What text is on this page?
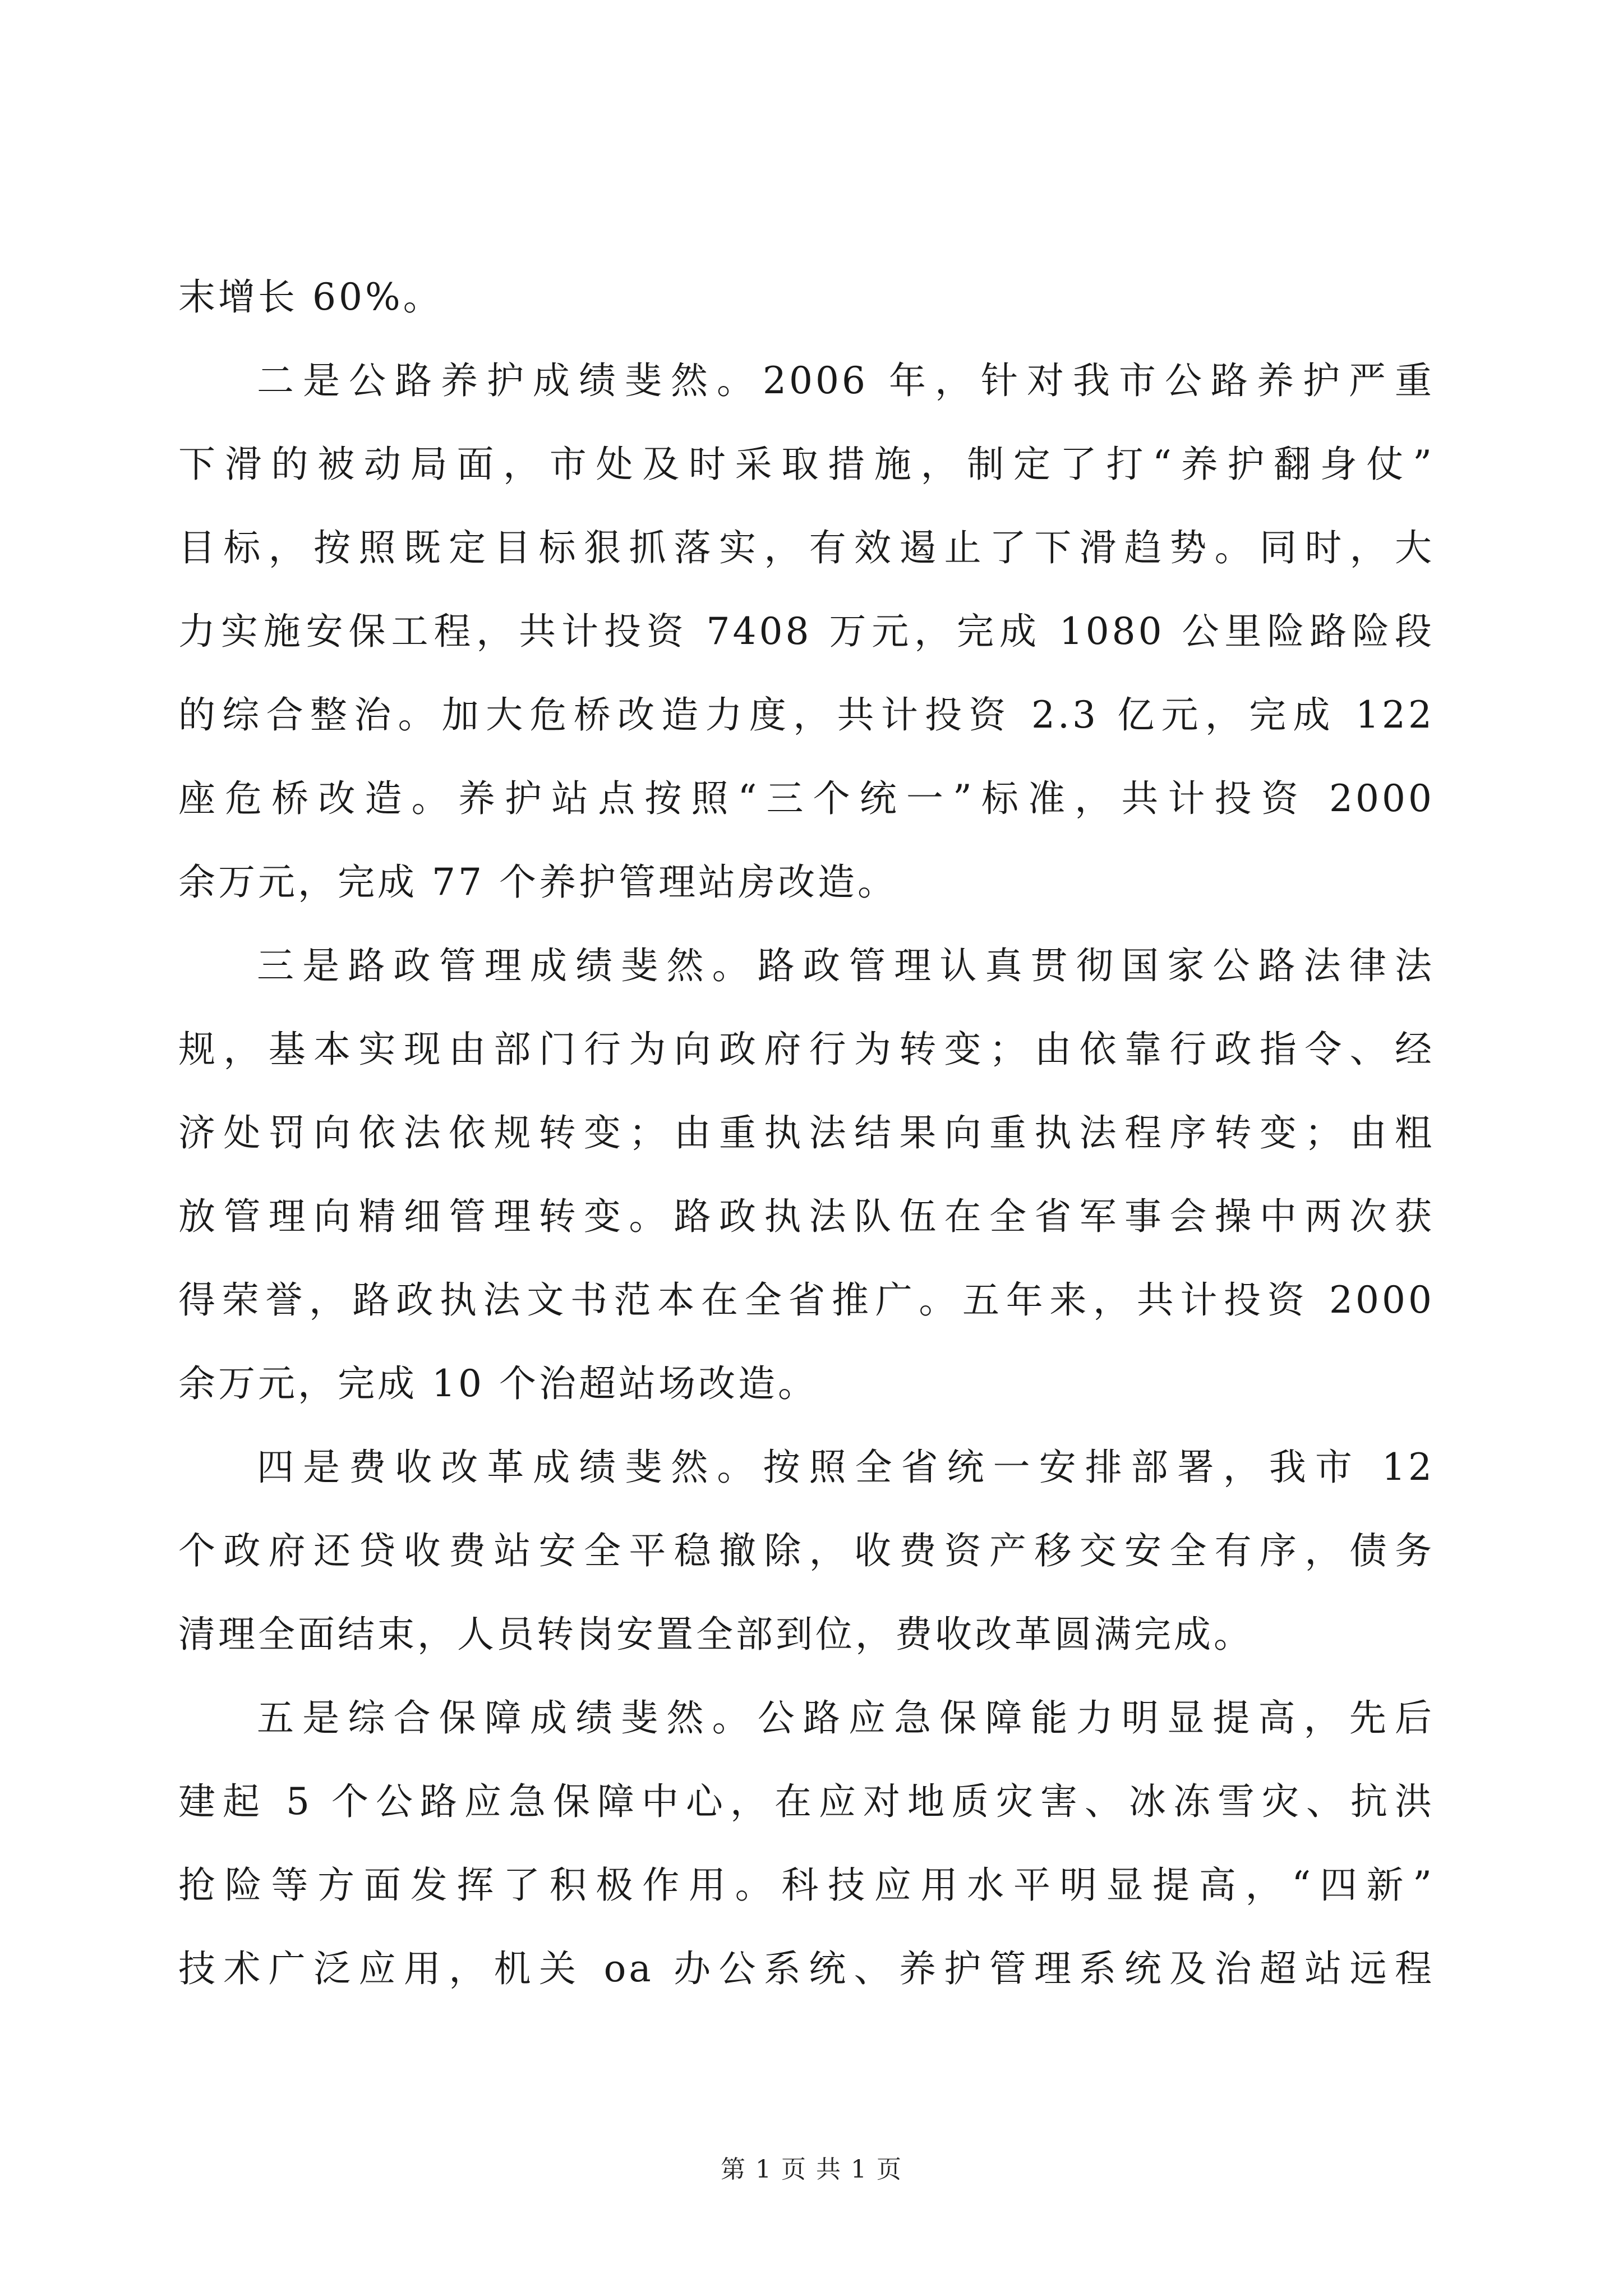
末增长 60%。
二是公路养护成绩斐然。2006 年，针对我市公路养护严重
下滑的被动局面，市处及时采取措施，制定了打“养护翻身仗”
目标，按照既定目标狠抓落实，有效遏止了下滑趋势。同时，大
力实施安保工程，共计投资 7408 万元，完成 1080 公里险路险段
的综合整治。加大危桥改造力度，共计投资 2.3 亿元，完成 122
座危桥改造。养护站点按照“三个统一”标准，共计投资 2000
余万元，完成 77 个养护管理站房改造。
三是路政管理成绩斐然。路政管理认真贯彻国家公路法律法
规，基本实现由部门行为向政府行为转变；由依靠行政指令、经
济处罚向依法依规转变；由重执法结果向重执法程序转变；由粗
放管理向精细管理转变。路政执法队伍在全省军事会操中两次获
得荣誉，路政执法文书范本在全省推广。五年来，共计投资 2000
余万元，完成 10 个治超站场改造。
四是费收改革成绩斐然。按照全省统一安排部署，我市 12
个政府还贷收费站安全平稳撤除，收费资产移交安全有序，债务
清理全面结束，人员转岗安置全部到位，费收改革圆满完成。
五是综合保障成绩斐然。公路应急保障能力明显提高，先后
建起 5 个公路应急保障中心，在应对地质灾害、冰冻雪灾、抗洪
抢险等方面发挥了积极作用。科技应用水平明显提高，“四新”
技术广泛应用，机关 oa 办公系统、养护管理系统及治超站远程
第 1 页 共 1 页
